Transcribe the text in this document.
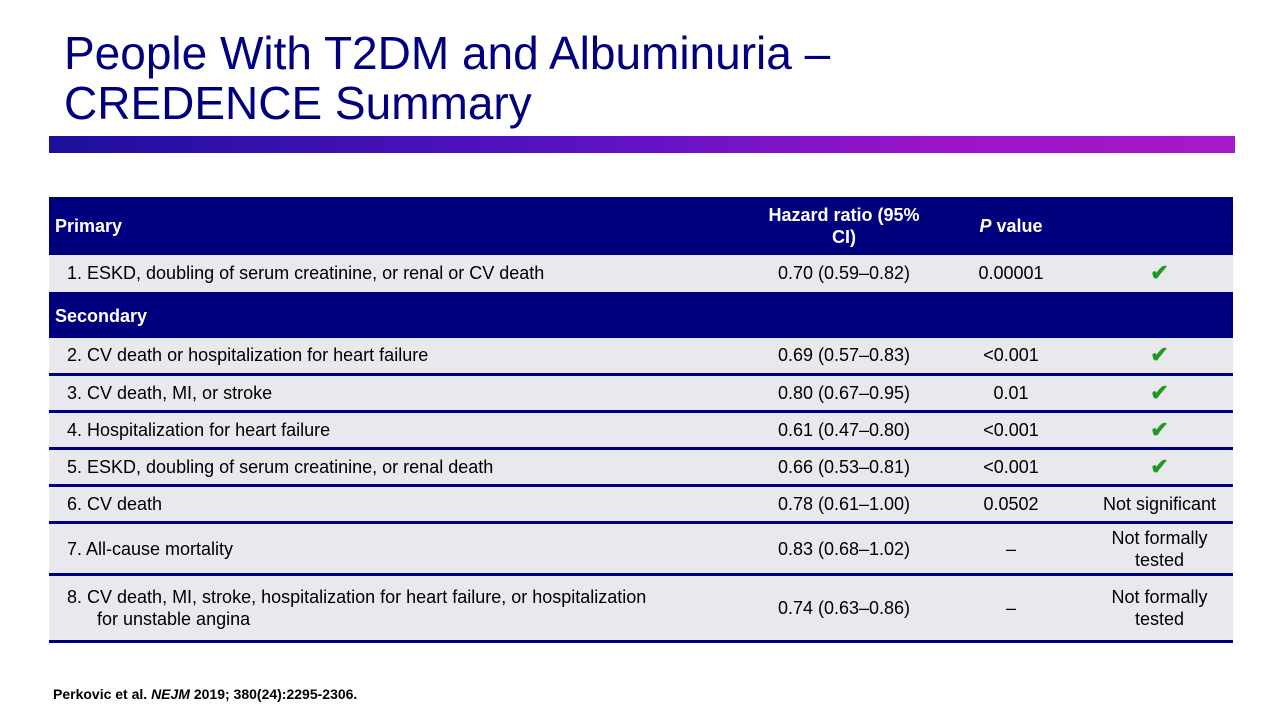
People With T2DM and Albuminuria –
CREDENCE Summary
Primary	Hazard ratio (95% CI)	P value	
1. ESKD, doubling of serum creatinine, or renal or CV death	0.70 (0.59–0.82)	0.00001	✔
Secondary			
2. CV death or hospitalization for heart failure	0.69 (0.57–0.83)	<0.001	✔
3. CV death, MI, or stroke	0.80 (0.67–0.95)	0.01	✔
4. Hospitalization for heart failure	0.61 (0.47–0.80)	<0.001	✔
5. ESKD, doubling of serum creatinine, or renal death	0.66 (0.53–0.81)	<0.001	✔
6. CV death	0.78 (0.61–1.00)	0.0502	Not significant
7. All-cause mortality	0.83 (0.68–1.02)	–	Not formally tested
8. CV death, MI, stroke, hospitalization for heart failure, or hospitalization
for unstable angina	0.74 (0.63–0.86)	–	Not formally tested
Perkovic et al. NEJM 2019; 380(24):2295-2306.
